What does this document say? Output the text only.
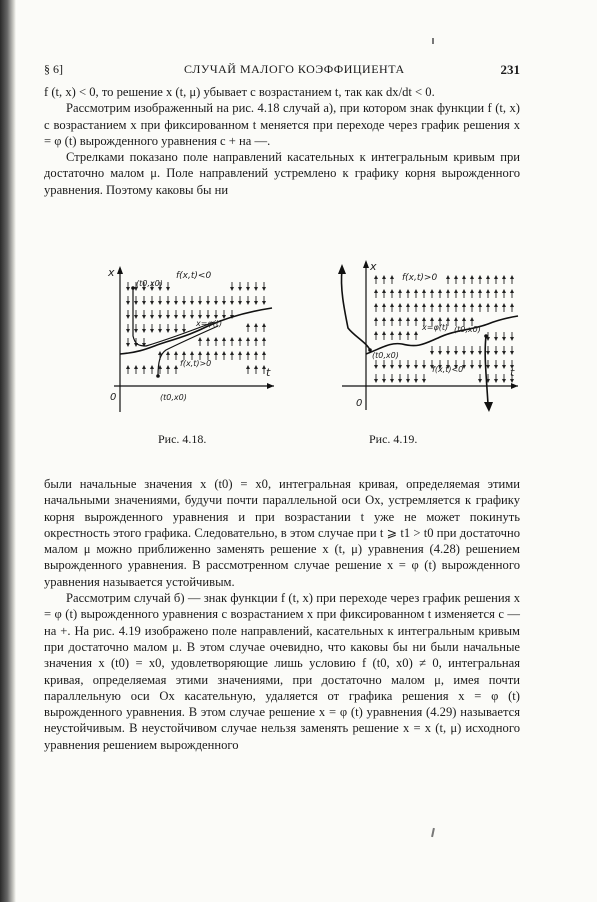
§ 6]	СЛУЧАЙ МАЛОГО КОЭФФИЦИЕНТА	231

f (t, x) < 0, то решение x (t, μ) убывает с возрастанием t, так как dx/dt < 0.

Рассмотрим изображенный на рис. 4.18 случай а), при котором знак функции f (t, x) с возрастанием x при фиксированном t меняется при переходе через график решения x = φ (t) вырожденного уравнения с + на —.

Стрелками показано поле направлений касательных к интегральным кривым при достаточно малом μ. Поле направлений устремлено к графику корня вырожденного уравнения. Поэтому каковы бы ни

t
x
0
f(x,t)<0
f(x,t)>0
x=φ(t)
(t0,x0)
(t0,x0)
t
x
0
f(x,t)>0
f(x,t)<0
x=φ(t)
(t0,x0)
(t0,x0)
Рис. 4.18.	Рис. 4.19.

были начальные значения x (t0) = x0, интегральная кривая, определяемая этими начальными значениями, будучи почти параллельной оси Ox, устремляется к графику корня вырожденного уравнения и при возрастании t уже не может покинуть окрестность этого графика. Следовательно, в этом случае при t ⩾ t1 > t0 при достаточно малом μ можно приближенно заменять решение x (t, μ) уравнения (4.28) решением вырожденного уравнения. В рассмотренном случае решение x = φ (t) вырожденного уравнения называется устойчивым.

Рассмотрим случай б) — знак функции f (t, x) при переходе через график решения x = φ (t) вырожденного уравнения с возрастанием x при фиксированном t изменяется с — на +. На рис. 4.19 изображено поле направлений, касательных к интегральным кривым при достаточно малом μ. В этом случае очевидно, что каковы бы ни были начальные значения x (t0) = x0, удовлетворяющие лишь условию f (t0, x0) ≠ 0, интегральная кривая, определяемая этими значениями, при достаточно малом μ, имея почти параллельную оси Ox касательную, удаляется от графика решения x = φ (t) вырожденного уравнения. В этом случае решение x = φ (t) уравнения (4.29) называется неустойчивым. В неустойчивом случае нельзя заменять решение x = x (t, μ) исходного уравнения решением вырожденного
